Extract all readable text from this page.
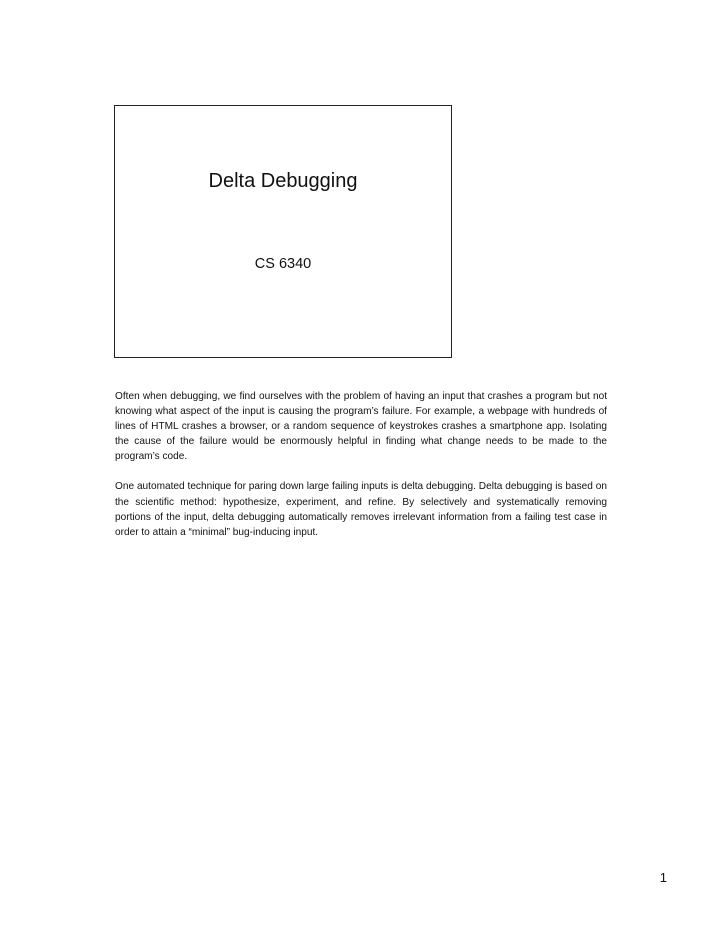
Delta Debugging
CS 6340

Often when debugging, we find ourselves with the problem of having an input that crashes a program but not knowing what aspect of the input is causing the program’s failure. For example, a webpage with hundreds of lines of HTML crashes a browser, or a random sequence of keystrokes crashes a smartphone app. Isolating the cause of the failure would be enormously helpful in finding what change needs to be made to the program’s code.

One automated technique for paring down large failing inputs is delta debugging. Delta debugging is based on the scientific method: hypothesize, experiment, and refine. By selectively and systematically removing portions of the input, delta debugging automatically removes irrelevant information from a failing test case in order to attain a “minimal” bug-inducing input.

1
